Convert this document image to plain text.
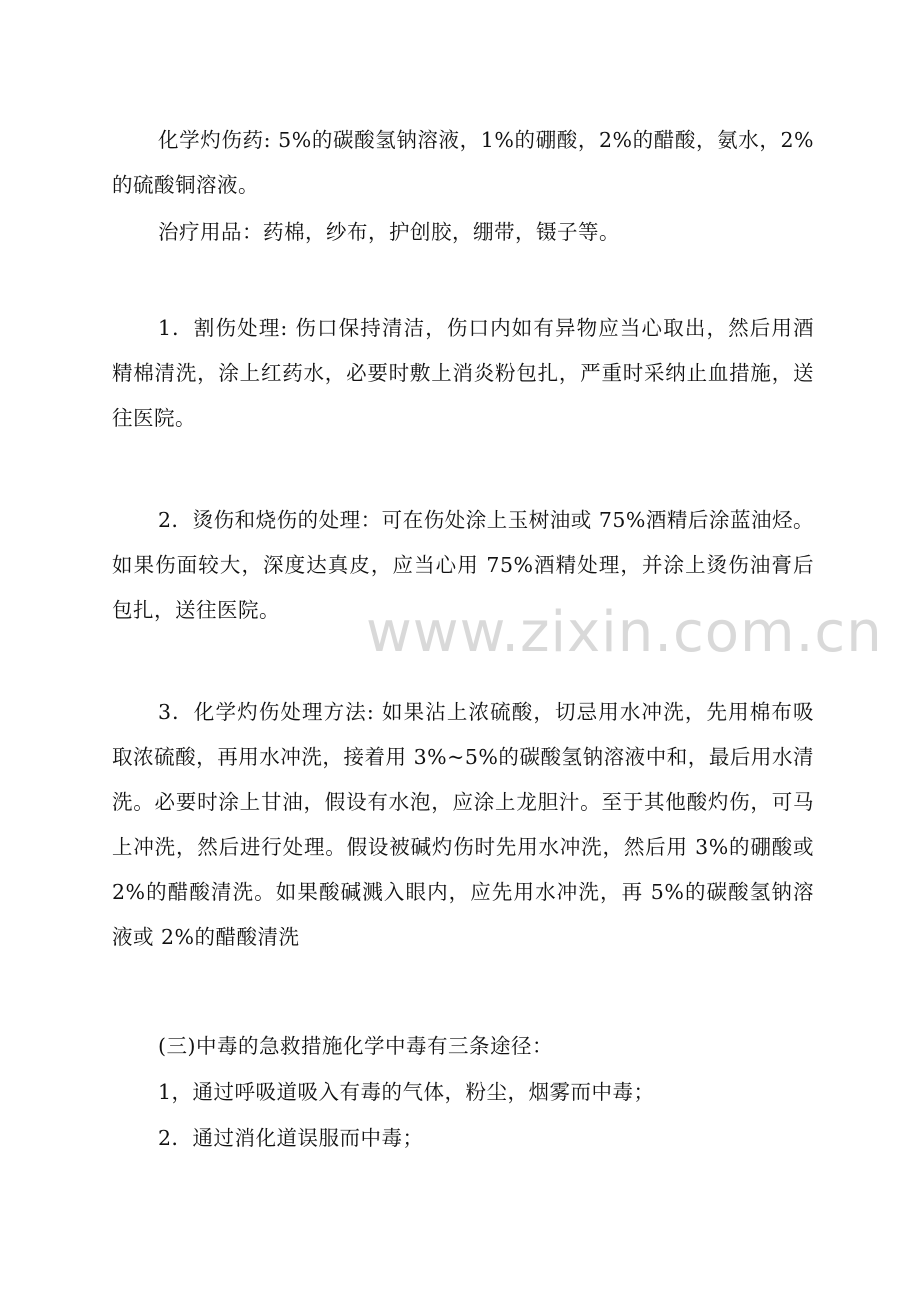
化学灼伤药: 5%的碳酸氢钠溶液，1%的硼酸，2%的醋酸，氨水，2%的硫酸铜溶液。

治疗用品：药棉，纱布，护创胶，绷带，镊子等。

1．割伤处理: 伤口保持清洁，伤口内如有异物应当心取出，然后用酒精棉清洗，涂上红药水，必要时敷上消炎粉包扎，严重时采纳止血措施，送往医院。

2．烫伤和烧伤的处理：可在伤处涂上玉树油或 75%酒精后涂蓝油烃。如果伤面较大，深度达真皮，应当心用 75%酒精处理，并涂上烫伤油膏后包扎，送往医院。

3．化学灼伤处理方法: 如果沾上浓硫酸，切忌用水冲洗，先用棉布吸取浓硫酸，再用水冲洗，接着用 3%~5%的碳酸氢钠溶液中和，最后用水清洗。必要时涂上甘油，假设有水泡，应涂上龙胆汁。至于其他酸灼伤，可马上冲洗，然后进行处理。假设被碱灼伤时先用水冲洗，然后用 3%的硼酸或 2%的醋酸清洗。如果酸碱溅入眼内，应先用水冲洗，再 5%的碳酸氢钠溶液或 2%的醋酸清洗

(三)中毒的急救措施化学中毒有三条途径：

1，通过呼吸道吸入有毒的气体，粉尘，烟雾而中毒；

2．通过消化道误服而中毒；

www.zixin.com.cn
